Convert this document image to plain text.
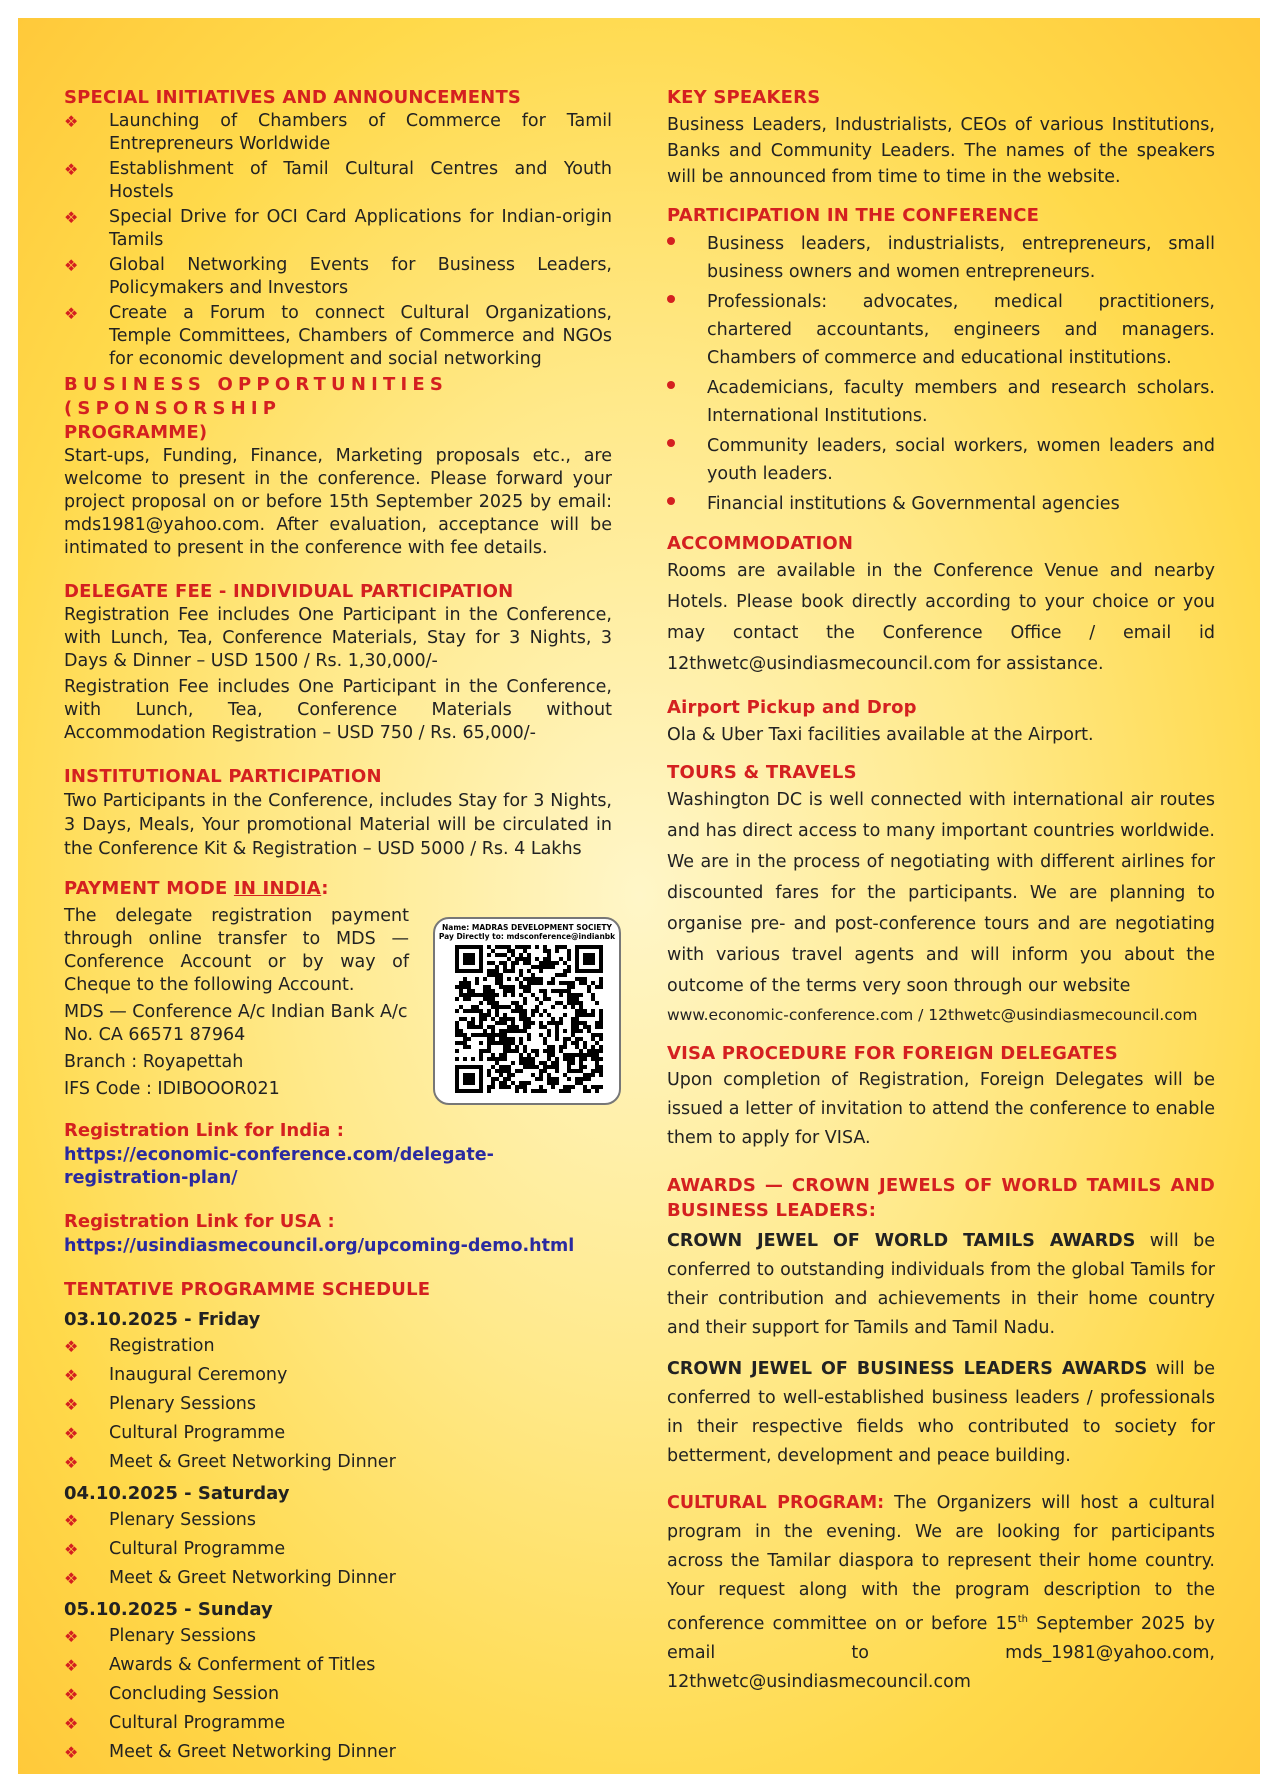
SPECIAL INITIATIVES AND ANNOUNCEMENTS
❖ Launching of Chambers of Commerce for Tamil Entrepreneurs Worldwide
❖ Establishment of Tamil Cultural Centres and Youth Hostels
❖ Special Drive for OCI Card Applications for Indian-origin Tamils
❖ Global Networking Events for Business Leaders, Policymakers and Investors
❖ Create a Forum to connect Cultural Organizations, Temple Committees, Chambers of Commerce and NGOs for economic development and social networking
BUSINESS OPPORTUNITIES (SPONSORSHIP
PROGRAMME)

Start-ups, Funding, Finance, Marketing proposals etc., are welcome to present in the conference. Please forward your project proposal on or before 15th September 2025 by email: mds1981@yahoo.com. After evaluation, acceptance will be intimated to present in the conference with fee details.

DELEGATE FEE - INDIVIDUAL PARTICIPATION

Registration Fee includes One Participant in the Conference, with Lunch, Tea, Conference Materials, Stay for 3 Nights, 3 Days & Dinner – USD 1500 / Rs. 1,30,000/-

Registration Fee includes One Participant in the Conference, with Lunch, Tea, Conference Materials without Accommodation Registration – USD 750 / Rs. 65,000/-

INSTITUTIONAL PARTICIPATION

Two Participants in the Conference, includes Stay for 3 Nights, 3 Days, Meals, Your promotional Material will be circulated in the Conference Kit & Registration – USD 5000 / Rs. 4 Lakhs

PAYMENT MODE IN INDIA:

The delegate registration payment through online transfer to MDS — Conference Account or by way of Cheque to the following Account.

MDS — Conference A/c Indian Bank A/c No. CA 66571 87964

Branch : Royapettah

IFS Code : IDIBOOOR021

Name: MADRAS DEVELOPMENT SOCIETY
Pay Directly to: mdsconference@indianbk
Registration Link for India :
https://economic-conference.com/delegate-registration-plan/
Registration Link for USA :
https://usindiasmecouncil.org/upcoming-demo.html
TENTATIVE PROGRAMME SCHEDULE
03.10.2025 - Friday
❖ Registration
❖ Inaugural Ceremony
❖ Plenary Sessions
❖ Cultural Programme
❖ Meet & Greet Networking Dinner
04.10.2025 - Saturday
❖ Plenary Sessions
❖ Cultural Programme
❖ Meet & Greet Networking Dinner
05.10.2025 - Sunday
❖ Plenary Sessions
❖ Awards & Conferment of Titles
❖ Concluding Session
❖ Cultural Programme
❖ Meet & Greet Networking Dinner
KEY SPEAKERS

Business Leaders, Industrialists, CEOs of various Institutions, Banks and Community Leaders. The names of the speakers will be announced from time to time in the website.

PARTICIPATION IN THE CONFERENCE
Business leaders, industrialists, entrepreneurs, small business owners and women entrepreneurs.
Professionals: advocates, medical practitioners, chartered accountants, engineers and managers. Chambers of commerce and educational institutions.
Academicians, faculty members and research scholars. International Institutions.
Community leaders, social workers, women leaders and youth leaders.
Financial institutions & Governmental agencies
ACCOMMODATION

Rooms are available in the Conference Venue and nearby Hotels. Please book directly according to your choice or you may contact the Conference Office / email id 12thwetc@usindiasmecouncil.com for assistance.

Airport Pickup and Drop

Ola & Uber Taxi facilities available at the Airport.

TOURS & TRAVELS

Washington DC is well connected with international air routes and has direct access to many important countries worldwide. We are in the process of negotiating with different airlines for discounted fares for the participants. We are planning to organise pre- and post-conference tours and are negotiating with various travel agents and will inform you about the outcome of the terms very soon through our website

www.economic-conference.com / 12thwetc@usindiasmecouncil.com

VISA PROCEDURE FOR FOREIGN DELEGATES

Upon completion of Registration, Foreign Delegates will be issued a letter of invitation to attend the conference to enable them to apply for VISA.

AWARDS — CROWN JEWELS OF WORLD TAMILS AND BUSINESS LEADERS:

CROWN JEWEL OF WORLD TAMILS AWARDS will be conferred to outstanding individuals from the global Tamils for their contribution and achievements in their home country and their support for Tamils and Tamil Nadu.

CROWN JEWEL OF BUSINESS LEADERS AWARDS will be conferred to well-established business leaders / professionals in their respective fields who contributed to society for betterment, development and peace building.

CULTURAL PROGRAM: The Organizers will host a cultural program in the evening. We are looking for participants across the Tamilar diaspora to represent their home country. Your request along with the program description to the conference committee on or before 15th September 2025 by email to mds_1981@yahoo.com, 12thwetc@usindiasmecouncil.com
